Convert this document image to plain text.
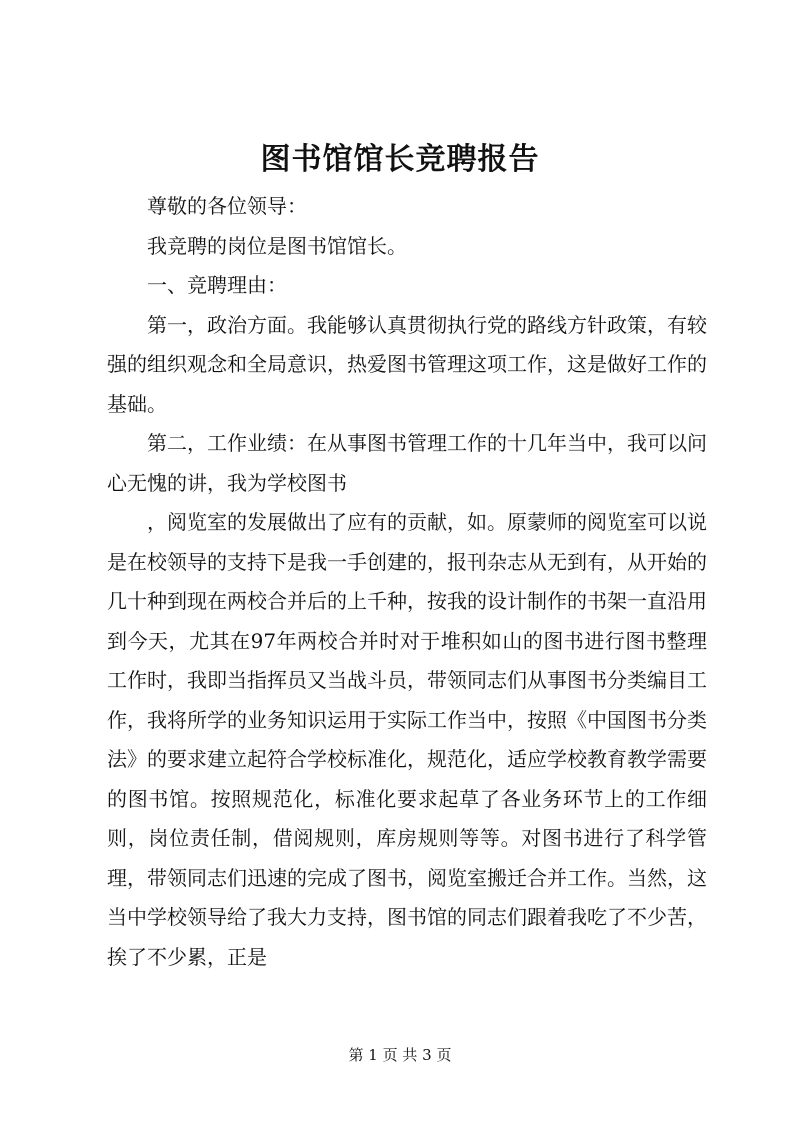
图书馆馆长竞聘报告

尊敬的各位领导：

我竞聘的岗位是图书馆馆长。

一、竞聘理由：

第一，政治方面。我能够认真贯彻执行党的路线方针政策，有较强的组织观念和全局意识，热爱图书管理这项工作，这是做好工作的基础。

第二，工作业绩：在从事图书管理工作的十几年当中，我可以问心无愧的讲，我为学校图书

，阅览室的发展做出了应有的贡献，如。原蒙师的阅览室可以说是在校领导的支持下是我一手创建的，报刊杂志从无到有，从开始的几十种到现在两校合并后的上千种，按我的设计制作的书架一直沿用到今天，尤其在97年两校合并时对于堆积如山的图书进行图书整理工作时，我即当指挥员又当战斗员，带领同志们从事图书分类编目工作，我将所学的业务知识运用于实际工作当中，按照《中国图书分类法》的要求建立起符合学校标准化，规范化，适应学校教育教学需要的图书馆。按照规范化，标准化要求起草了各业务环节上的工作细则，岗位责任制，借阅规则，库房规则等等。对图书进行了科学管理，带领同志们迅速的完成了图书，阅览室搬迁合并工作。当然，这当中学校领导给了我大力支持，图书馆的同志们跟着我吃了不少苦，挨了不少累，正是

第 1 页 共 3 页
